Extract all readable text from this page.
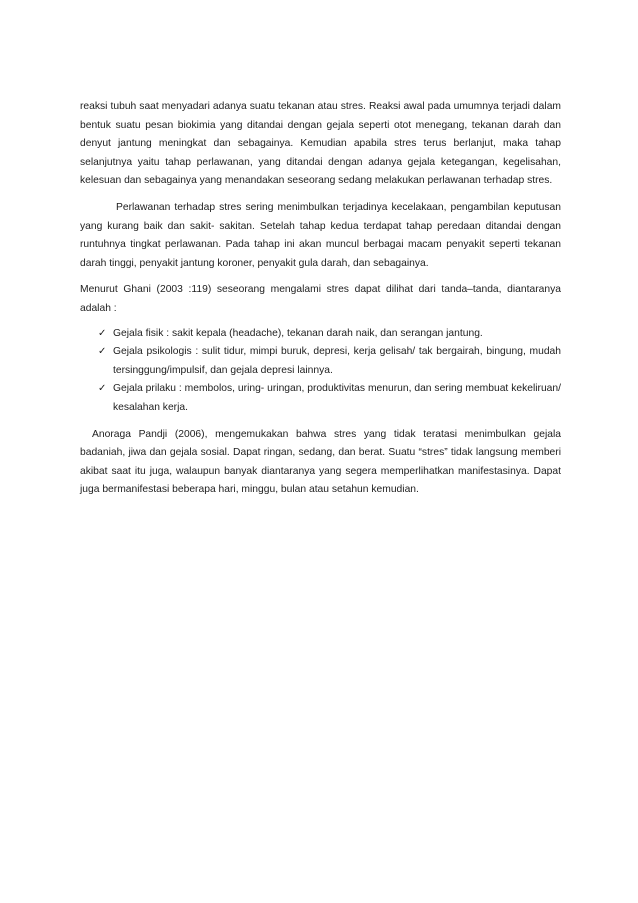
reaksi tubuh saat menyadari adanya suatu tekanan atau stres. Reaksi awal pada umumnya terjadi dalam bentuk suatu pesan biokimia yang ditandai dengan gejala seperti otot menegang, tekanan darah dan denyut jantung meningkat dan sebagainya. Kemudian apabila stres terus berlanjut, maka tahap selanjutnya yaitu tahap perlawanan, yang ditandai dengan adanya gejala ketegangan, kegelisahan, kelesuan dan sebagainya yang menandakan seseorang sedang melakukan perlawanan terhadap stres.

Perlawanan terhadap stres sering menimbulkan terjadinya kecelakaan, pengambilan keputusan yang kurang baik dan sakit- sakitan. Setelah tahap kedua terdapat tahap peredaan ditandai dengan runtuhnya tingkat perlawanan. Pada tahap ini akan muncul berbagai macam penyakit seperti tekanan darah tinggi, penyakit jantung koroner, penyakit gula darah, dan sebagainya.

Menurut Ghani (2003 :119) seseorang mengalami stres dapat dilihat dari tanda–tanda, diantaranya adalah :

✓ Gejala fisik : sakit kepala (headache), tekanan darah naik, dan serangan jantung.
✓ Gejala psikologis : sulit tidur, mimpi buruk, depresi, kerja gelisah/ tak bergairah, bingung, mudah tersinggung/impulsif, dan gejala depresi lainnya.
✓ Gejala prilaku : membolos, uring- uringan, produktivitas menurun, dan sering membuat kekeliruan/ kesalahan kerja.

Anoraga Pandji (2006), mengemukakan bahwa stres yang tidak teratasi menimbulkan gejala badaniah, jiwa dan gejala sosial. Dapat ringan, sedang, dan berat. Suatu “stres” tidak langsung memberi akibat saat itu juga, walaupun banyak diantaranya yang segera memperlihatkan manifestasinya. Dapat juga bermanifestasi beberapa hari, minggu, bulan atau setahun kemudian.
